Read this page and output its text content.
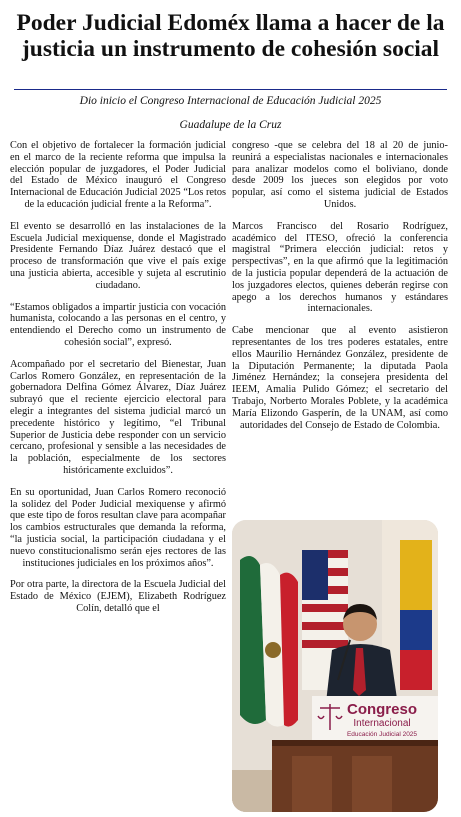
Poder Judicial Edoméx llama a hacer de la justicia un instrumento de cohesión social
Dio inicio el Congreso Internacional de Educación Judicial 2025
Guadalupe de la Cruz

Con el objetivo de fortalecer la formación judicial en el marco de la reciente reforma que impulsa la elección popular de juzgadores, el Poder Judicial del Estado de México inauguró el Congreso Internacional de Educación Judicial 2025 “Los retos de la educación judicial frente a la Reforma”.

El evento se desarrolló en las instalaciones de la Escuela Judicial mexiquense, donde el Magistrado Presidente Fernando Díaz Juárez destacó que el proceso de transformación que vive el país exige una justicia abierta, accesible y sujeta al escrutinio ciudadano.

“Estamos obligados a impartir justicia con vocación humanista, colocando a las personas en el centro, y entendiendo el Derecho como un instrumento de cohesión social”, expresó.

Acompañado por el secretario del Bienestar, Juan Carlos Romero González, en representación de la gobernadora Delfina Gómez Álvarez, Díaz Juárez subrayó que el reciente ejercicio electoral para elegir a integrantes del sistema judicial marcó un precedente histórico y legítimo, “el Tribunal Superior de Justicia debe responder con un servicio cercano, profesional y sensible a las necesidades de la población, especialmente de los sectores históricamente excluidos”.

En su oportunidad, Juan Carlos Romero reconoció la solidez del Poder Judicial mexiquense y afirmó que este tipo de foros resultan clave para acompañar los cambios estructurales que demanda la reforma, “la justicia social, la participación ciudadana y el nuevo constitucionalismo serán ejes rectores de las instituciones judiciales en los próximos años”.

Por otra parte, la directora de la Escuela Judicial del Estado de México (EJEM), Elizabeth Rodríguez Colín, detalló que el

congreso -que se celebra del 18 al 20 de junio- reunirá a especialistas nacionales e internacionales para analizar modelos como el boliviano, donde desde 2009 los jueces son elegidos por voto popular, así como el sistema judicial de Estados Unidos.

Marcos Francisco del Rosario Rodríguez, académico del ITESO, ofreció la conferencia magistral “Primera elección judicial: retos y perspectivas”, en la que afirmó que la legitimación de la justicia popular dependerá de la actuación de los juzgadores electos, quienes deberán regirse con apego a los derechos humanos y estándares internacionales.

Cabe mencionar que al evento asistieron representantes de los tres poderes estatales, entre ellos Maurilio Hernández González, presidente de la Diputación Permanente; la diputada Paola Jiménez Hernández; la consejera presidenta del IEEM, Amalia Pulido Gómez; el secretario del Trabajo, Norberto Morales Poblete, y la académica María Elizondo Gasperín, de la UNAM, así como autoridades del Consejo de Estado de Colombia.

Congreso
Internacional
Educación Judicial 2025
